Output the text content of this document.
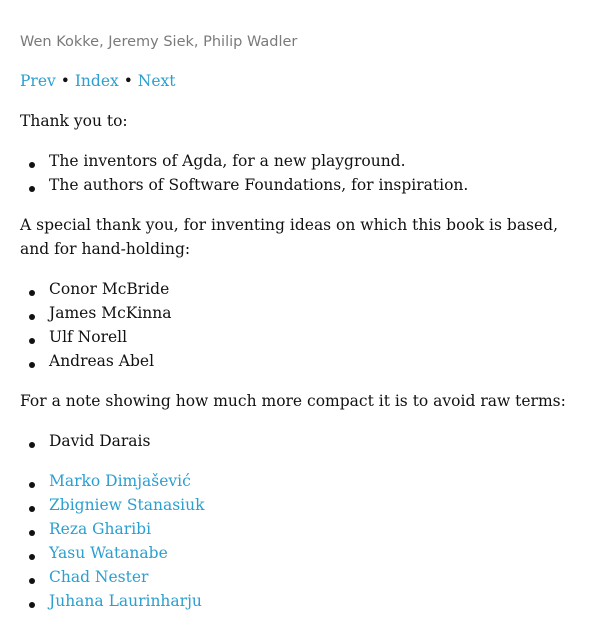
Wen Kokke, Jeremy Siek, Philip Wadler

Prev • Index • Next

Thank you to:

The inventors of Agda, for a new playground.
The authors of Software Foundations, for inspiration.

A special thank you, for inventing ideas on which this book is based, and for hand-holding:

Conor McBride
James McKinna
Ulf Norell
Andreas Abel

For a note showing how much more compact it is to avoid raw terms:

David Darais
Marko Dimjašević
Zbigniew Stanasiuk
Reza Gharibi
Yasu Watanabe
Chad Nester
Juhana Laurinharju
